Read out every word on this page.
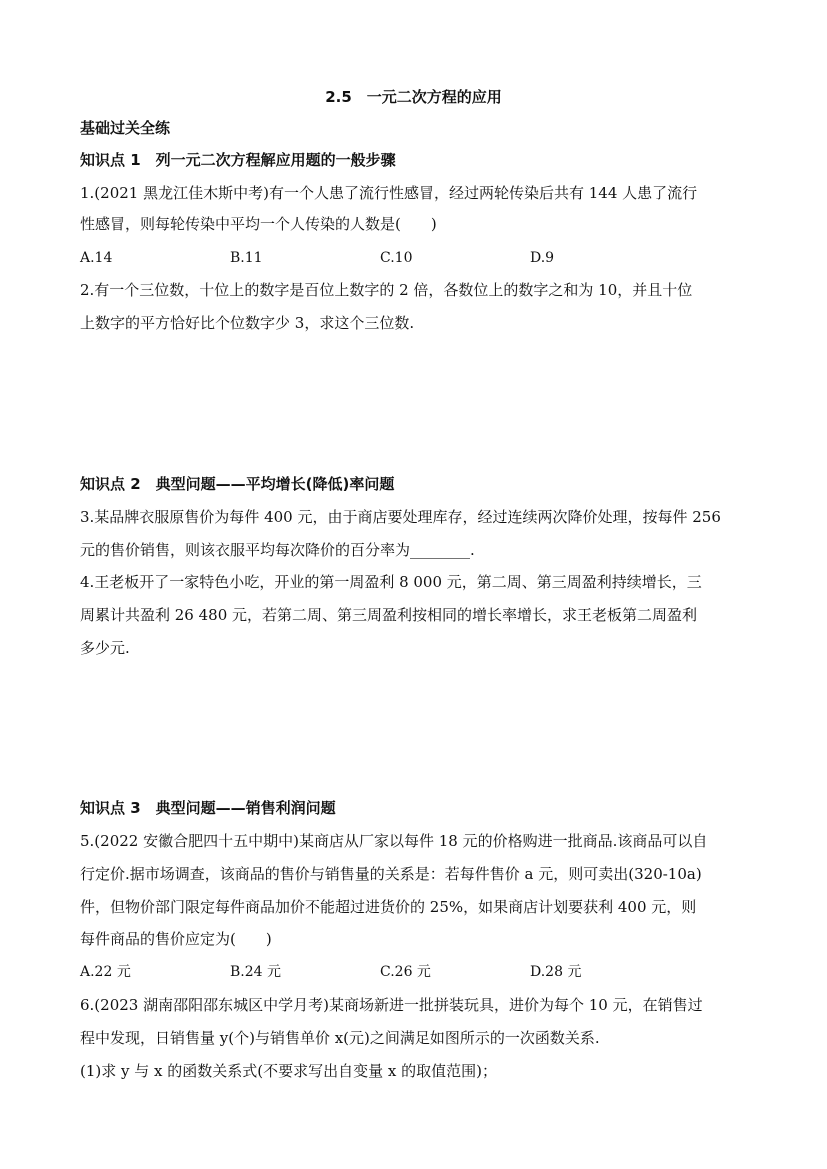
2.5　一元二次方程的应用
基础过关全练
知识点 1　列一元二次方程解应用题的一般步骤
1.(2021 黑龙江佳木斯中考)有一个人患了流行性感冒，经过两轮传染后共有 144 人患了流行
性感冒，则每轮传染中平均一个人传染的人数是(　　)
A.14	B.11	C.10	D.9
2.有一个三位数，十位上的数字是百位上数字的 2 倍，各数位上的数字之和为 10，并且十位
上数字的平方恰好比个位数字少 3，求这个三位数.
知识点 2　典型问题——平均增长(降低)率问题
3.某品牌衣服原售价为每件 400 元，由于商店要处理库存，经过连续两次降价处理，按每件 256
元的售价销售，则该衣服平均每次降价的百分率为________.
4.王老板开了一家特色小吃，开业的第一周盈利 8 000 元，第二周、第三周盈利持续增长，三
周累计共盈利 26 480 元，若第二周、第三周盈利按相同的增长率增长，求王老板第二周盈利
多少元.
知识点 3　典型问题——销售利润问题
5.(2022 安徽合肥四十五中期中)某商店从厂家以每件 18 元的价格购进一批商品.该商品可以自
行定价.据市场调查，该商品的售价与销售量的关系是：若每件售价 a 元，则可卖出(320-10a)
件，但物价部门限定每件商品加价不能超过进货价的 25%，如果商店计划要获利 400 元，则
每件商品的售价应定为(　　)
A.22 元	B.24 元	C.26 元	D.28 元
6.(2023 湖南邵阳邵东城区中学月考)某商场新进一批拼装玩具，进价为每个 10 元，在销售过
程中发现，日销售量 y(个)与销售单价 x(元)之间满足如图所示的一次函数关系.
(1)求 y 与 x 的函数关系式(不要求写出自变量 x 的取值范围)；
